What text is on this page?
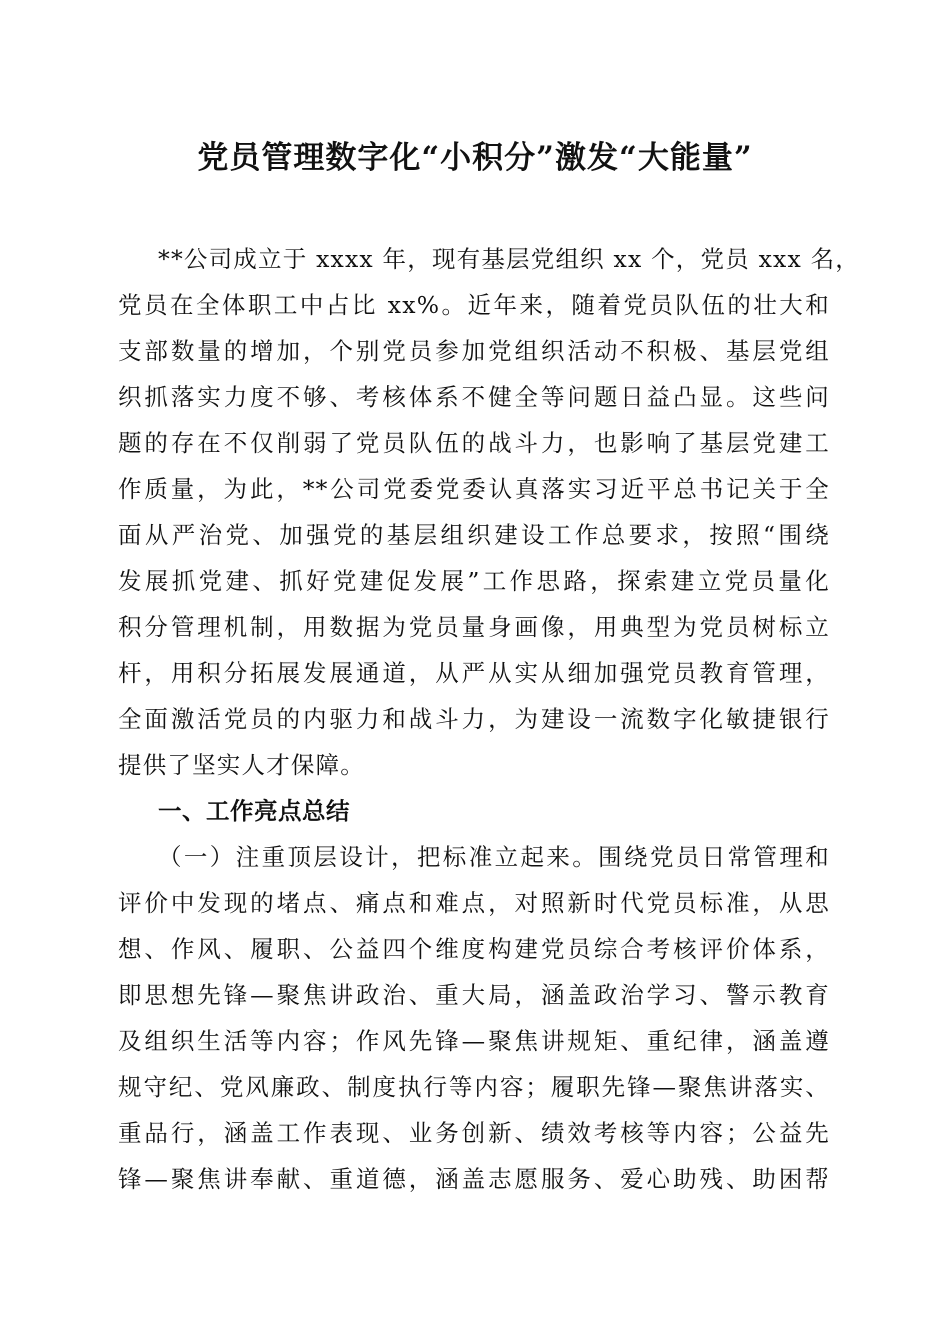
党员管理数字化“小积分”激发“大能量”
**公司成立于 xxxx 年，现有基层党组织 xx 个，党员 xxx 名，
党员在全体职工中占比 xx%。近年来，随着党员队伍的壮大和
支部数量的增加，个别党员参加党组织活动不积极、基层党组
织抓落实力度不够、考核体系不健全等问题日益凸显。这些问
题的存在不仅削弱了党员队伍的战斗力，也影响了基层党建工
作质量，为此，**公司党委党委认真落实习近平总书记关于全
面从严治党、加强党的基层组织建设工作总要求，按照“围绕
发展抓党建、抓好党建促发展”工作思路，探索建立党员量化
积分管理机制，用数据为党员量身画像，用典型为党员树标立
杆，用积分拓展发展通道，从严从实从细加强党员教育管理，
全面激活党员的内驱力和战斗力，为建设一流数字化敏捷银行
提供了坚实人才保障。
一、工作亮点总结
（一）注重顶层设计，把标准立起来。围绕党员日常管理和
评价中发现的堵点、痛点和难点，对照新时代党员标准，从思
想、作风、履职、公益四个维度构建党员综合考核评价体系，
即思想先锋—聚焦讲政治、重大局，涵盖政治学习、警示教育
及组织生活等内容；作风先锋—聚焦讲规矩、重纪律，涵盖遵
规守纪、党风廉政、制度执行等内容；履职先锋—聚焦讲落实、
重品行，涵盖工作表现、业务创新、绩效考核等内容；公益先
锋—聚焦讲奉献、重道德，涵盖志愿服务、爱心助残、助困帮
